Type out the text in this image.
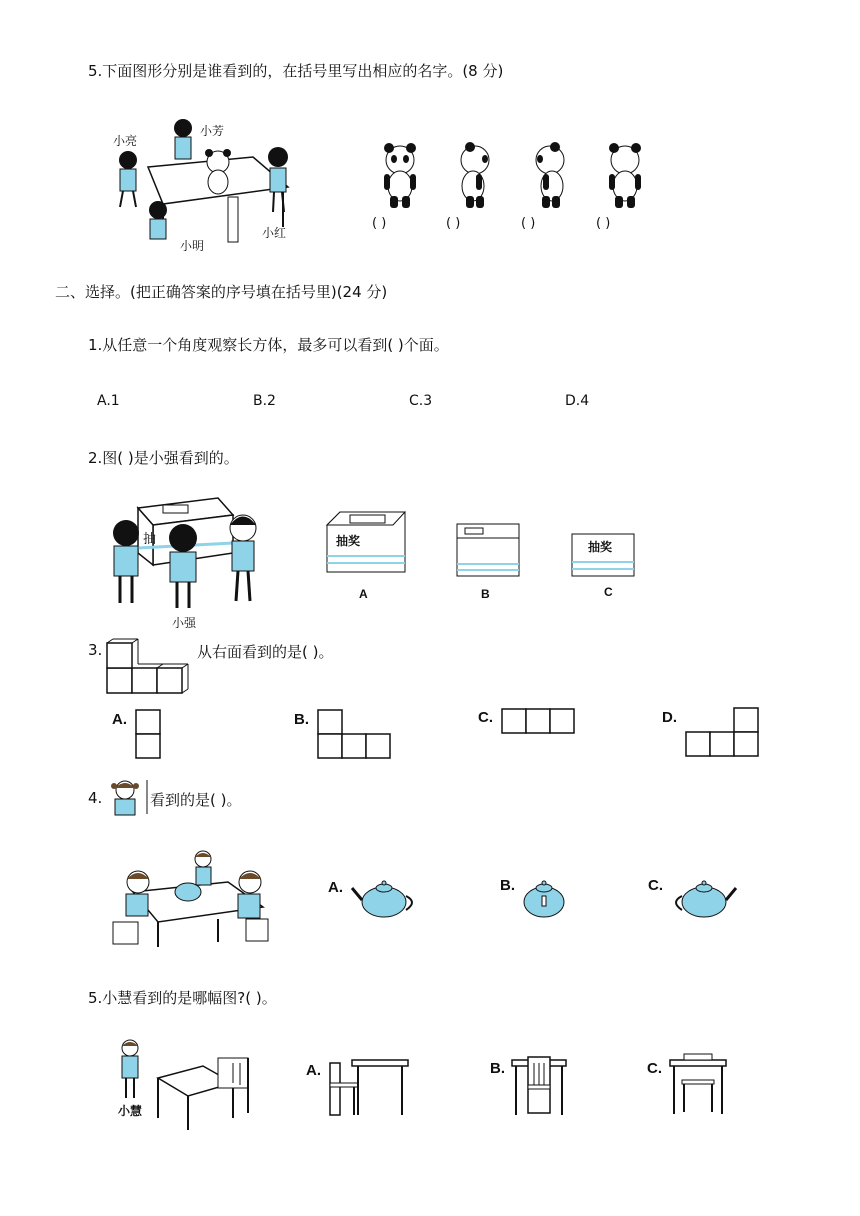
5.下面图形分别是谁看到的，在括号里写出相应的名字。(8 分)
小亮
小芳
小明
小红
( )	( )	( )	( )
二、选择。(把正确答案的序号填在括号里)(24 分)
1.从任意一个角度观察长方体，最多可以看到( )个面。
A.1	B.2	C.3	D.4
2.图( )是小强看到的。
抽
小强
抽奖
A	B
抽奖
C
3.	从右面看到的是( )。
A.	B.	C.	D.
4.	看到的是( )。
A.	B.	C.
5.小慧看到的是哪幅图?( )。
小慧
A.	B.	C.
